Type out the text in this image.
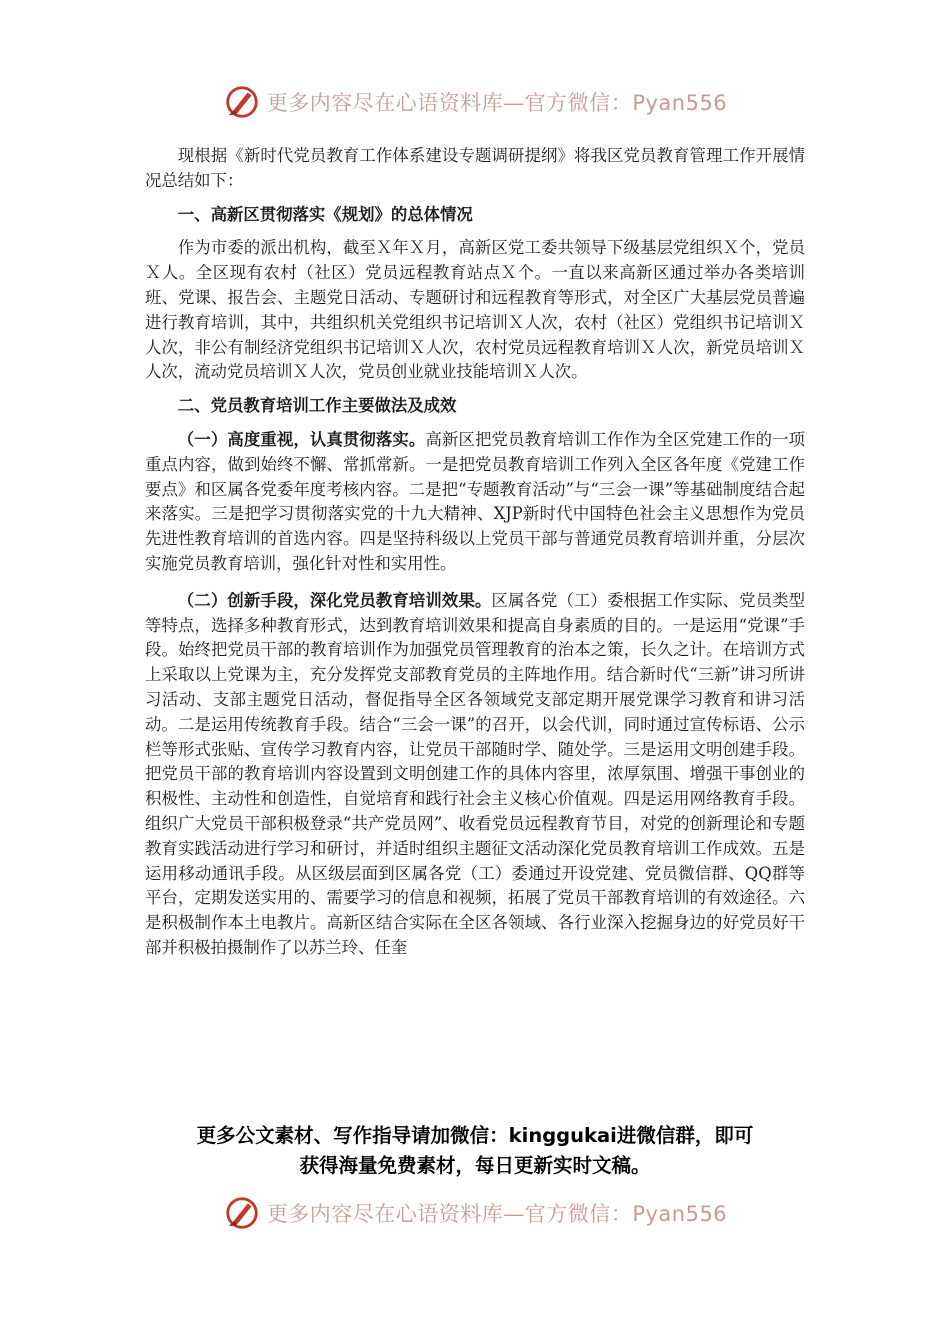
更多内容尽在心语资料库—官方微信：Pyan556

现根据《新时代党员教育工作体系建设专题调研提纲》将我区党员教育管理工作开展情况总结如下：

一、高新区贯彻落实《规划》的总体情况

作为市委的派出机构，截至Ｘ年Ｘ月，高新区党工委共领导下级基层党组织Ｘ个，党员Ｘ人。全区现有农村（社区）党员远程教育站点Ｘ个。一直以来高新区通过举办各类培训班、党课、报告会、主题党日活动、专题研讨和远程教育等形式，对全区广大基层党员普遍进行教育培训，其中，共组织机关党组织书记培训Ｘ人次，农村（社区）党组织书记培训Ｘ人次，非公有制经济党组织书记培训Ｘ人次，农村党员远程教育培训Ｘ人次，新党员培训Ｘ人次，流动党员培训Ｘ人次，党员创业就业技能培训Ｘ人次。

二、党员教育培训工作主要做法及成效

（一）高度重视，认真贯彻落实。高新区把党员教育培训工作作为全区党建工作的一项重点内容，做到始终不懈、常抓常新。一是把党员教育培训工作列入全区各年度《党建工作要点》和区属各党委年度考核内容。二是把“专题教育活动”与“三会一课”等基础制度结合起来落实。三是把学习贯彻落实党的十九大精神、XJP新时代中国特色社会主义思想作为党员先进性教育培训的首选内容。四是坚持科级以上党员干部与普通党员教育培训并重，分层次实施党员教育培训，强化针对性和实用性。

（二）创新手段，深化党员教育培训效果。区属各党（工）委根据工作实际、党员类型等特点，选择多种教育形式，达到教育培训效果和提高自身素质的目的。一是运用“党课”手段。始终把党员干部的教育培训作为加强党员管理教育的治本之策，长久之计。在培训方式上采取以上党课为主，充分发挥党支部教育党员的主阵地作用。结合新时代“三新”讲习所讲习活动、支部主题党日活动，督促指导全区各领域党支部定期开展党课学习教育和讲习活动。二是运用传统教育手段。结合“三会一课”的召开，以会代训，同时通过宣传标语、公示栏等形式张贴、宣传学习教育内容，让党员干部随时学、随处学。三是运用文明创建手段。把党员干部的教育培训内容设置到文明创建工作的具体内容里，浓厚氛围、增强干事创业的积极性、主动性和创造性，自觉培育和践行社会主义核心价值观。四是运用网络教育手段。组织广大党员干部积极登录“共产党员网”、收看党员远程教育节目，对党的创新理论和专题教育实践活动进行学习和研讨，并适时组织主题征文活动深化党员教育培训工作成效。五是运用移动通讯手段。从区级层面到区属各党（工）委通过开设党建、党员微信群、QQ群等平台，定期发送实用的、需要学习的信息和视频，拓展了党员干部教育培训的有效途径。六是积极制作本土电教片。高新区结合实际在全区各领域、各行业深入挖掘身边的好党员好干部并积极拍摄制作了以苏兰玲、任奎

更多公文素材、写作指导请加微信：kinggukai进微信群，即可
获得海量免费素材，每日更新实时文稿。
更多内容尽在心语资料库—官方微信：Pyan556
